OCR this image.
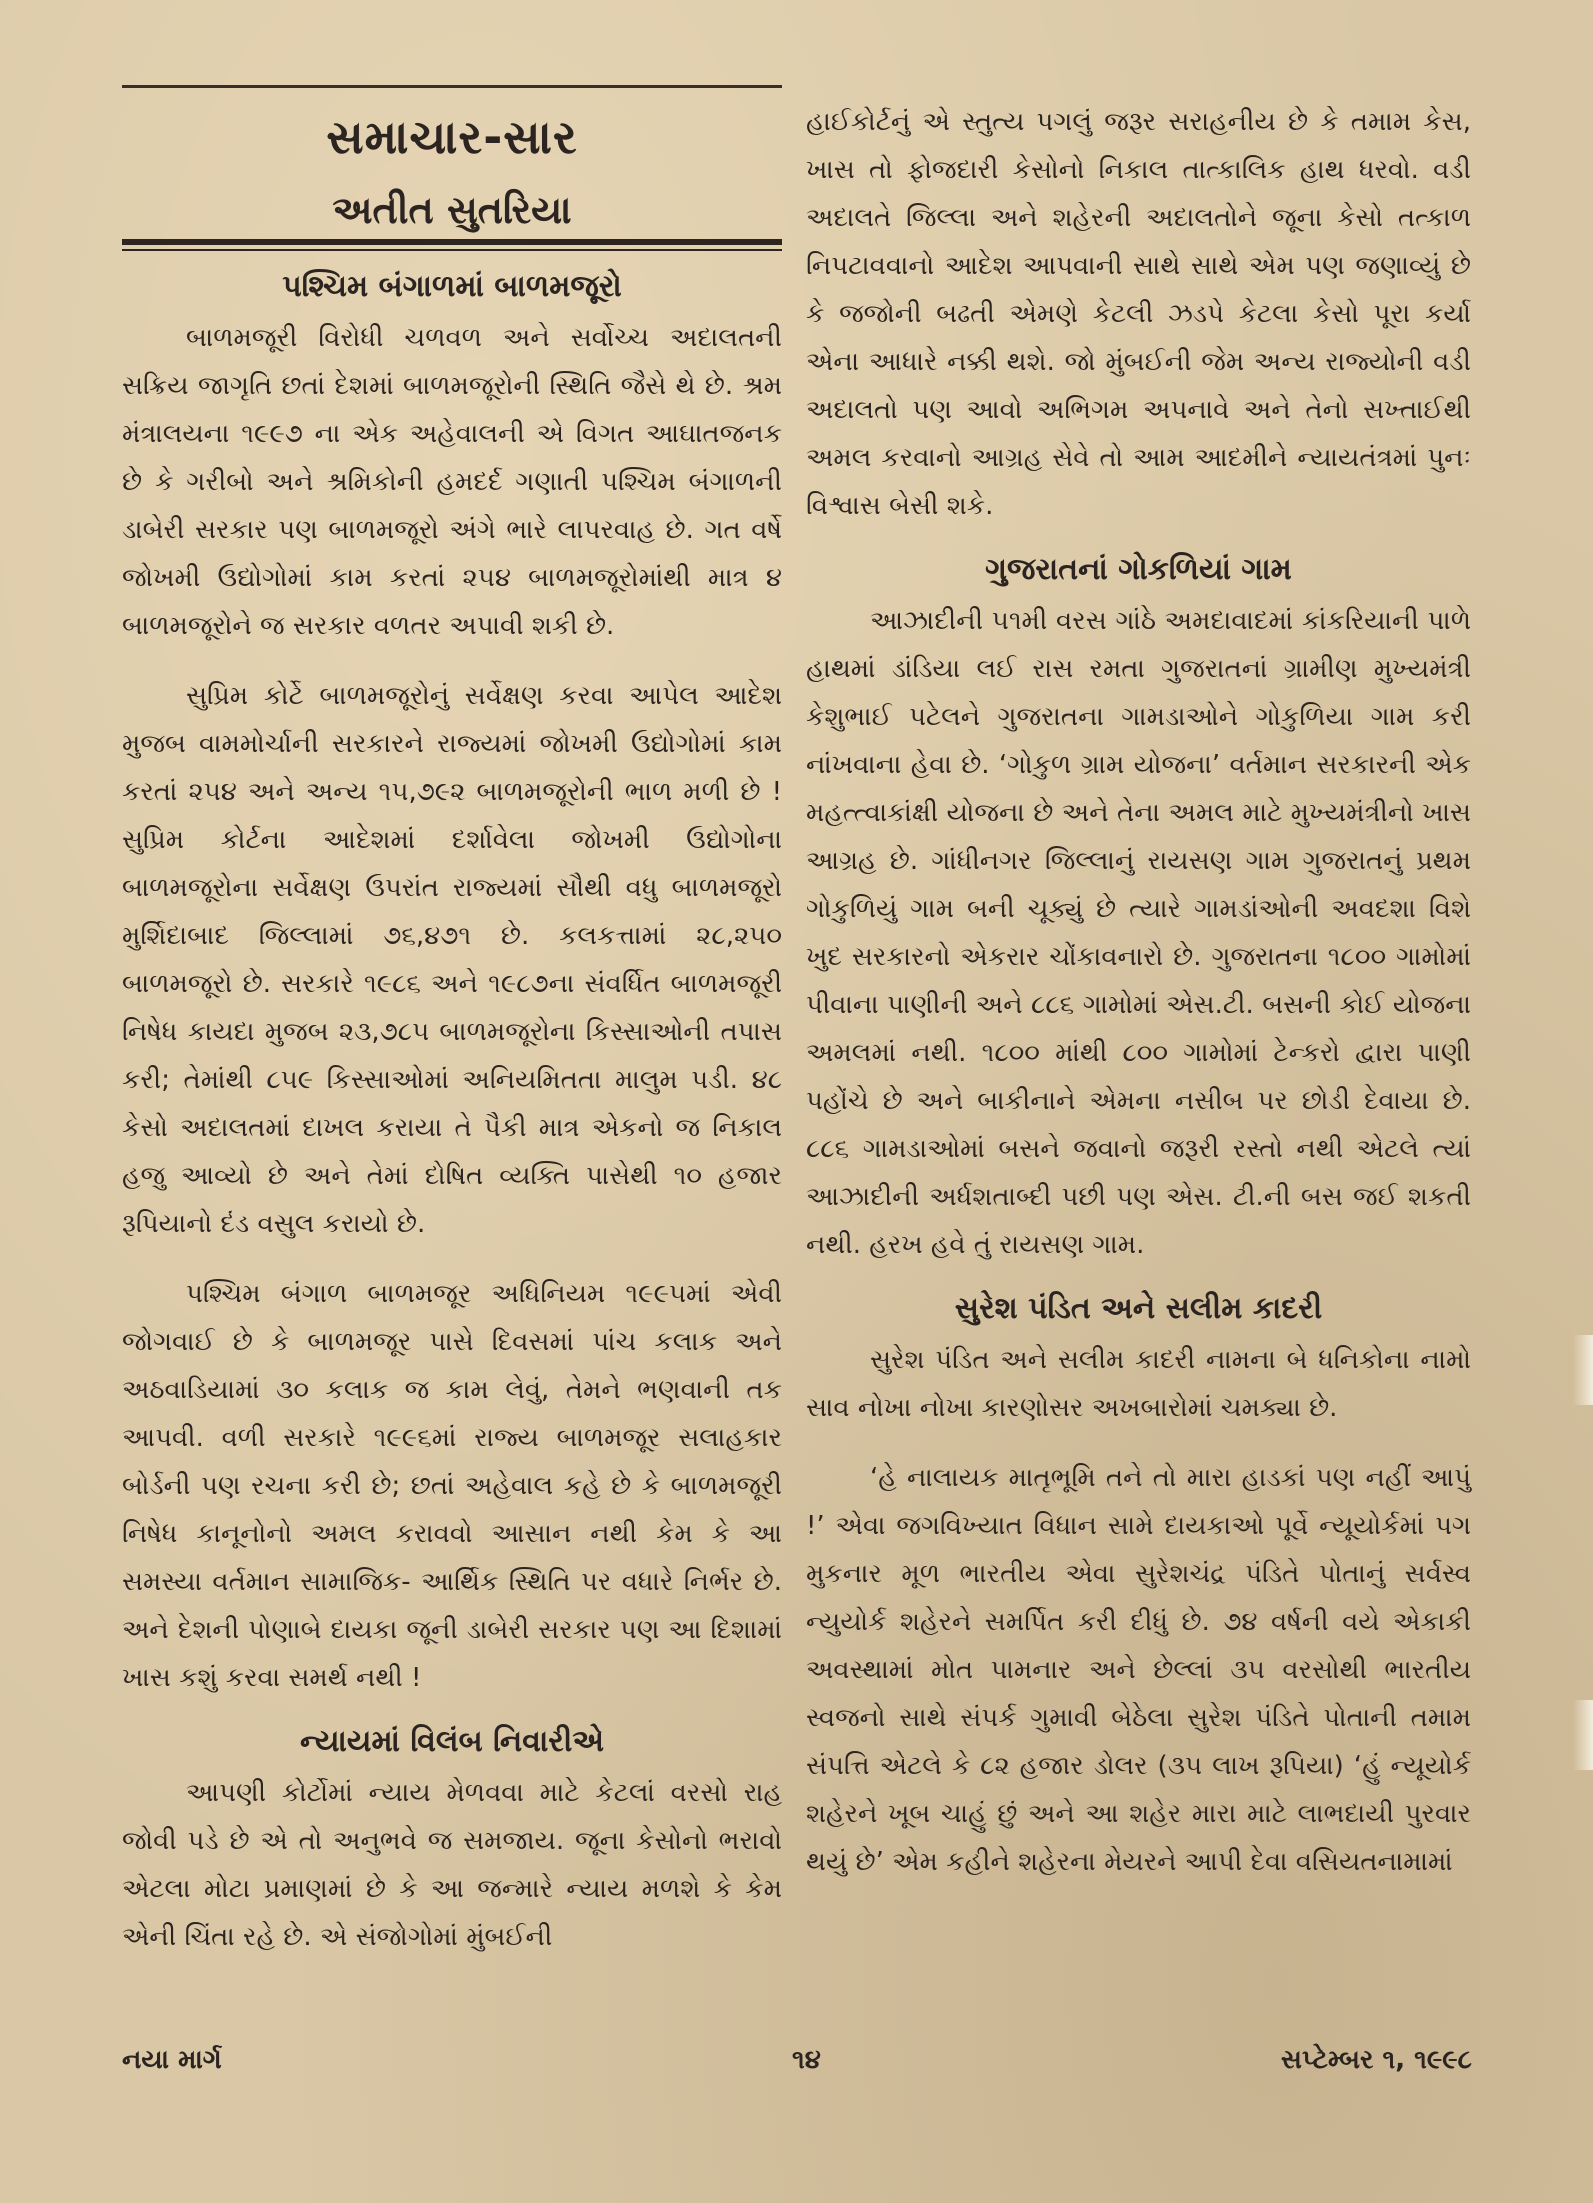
સમાચાર-સાર
અતીત સુતરિયા
પશ્ચિમ બંગાળમાં બાળમજૂરો

બાળમજૂરી વિરોધી ચળવળ અને સર્વોચ્ચ અદાલતની સક્રિય જાગૃતિ છતાં દેશમાં બાળમજૂરોની સ્થિતિ જૈસે થે છે. શ્રમ મંત્રાલયના ૧૯૯૭ ના એક અહેવાલની એ વિગત આઘાતજનક છે કે ગરીબો અને શ્રમિકોની હમદર્દ ગણાતી પશ્ચિમ બંગાળની ડાબેરી સરકાર પણ બાળમજૂરો અંગે ભારે લાપરવાહ છે. ગત વર્ષે જોખમી ઉદ્યોગોમાં કામ કરતાં ૨૫૪ બાળમજૂરોમાંથી માત્ર ૪ બાળમજૂરોને જ સરકાર વળતર અપાવી શકી છે.

સુપ્રિમ કોર્ટે બાળમજૂરોનું સર્વેક્ષણ કરવા આપેલ આદેશ મુજબ વામમોર્ચાની સરકારને રાજ્યમાં જોખમી ઉદ્યોગોમાં કામ કરતાં ૨૫૪ અને અન્ય ૧૫,૭૯૨ બાળમજૂરોની ભાળ મળી છે ! સુપ્રિમ કોર્ટના આદેશમાં દર્શાવેલા જોખમી ઉદ્યોગોના બાળમજૂરોના સર્વેક્ષણ ઉપરાંત રાજ્યમાં સૌથી વધુ બાળમજૂરો મુર્શિદાબાદ જિલ્લામાં ૭૬,૪૭૧ છે. કલકત્તામાં ૨૮,૨૫૦ બાળમજૂરો છે. સરકારે ૧૯૮૬ અને ૧૯૮૭ના સંવર્ધિત બાળમજૂરી નિષેધ કાયદા મુજબ ૨૩,૭૮૫ બાળમજૂરોના કિસ્સાઓની તપાસ કરી; તેમાંથી ૮૫૯ કિસ્સાઓમાં અનિયમિતતા માલુમ પડી. ૪૮ કેસો અદાલતમાં દાખલ કરાયા તે પૈકી માત્ર એકનો જ નિકાલ હજુ આવ્યો છે અને તેમાં દોષિત વ્યક્તિ પાસેથી ૧૦ હજાર રૂપિયાનો દંડ વસુલ કરાયો છે.

પશ્ચિમ બંગાળ બાળમજૂર અધિનિયમ ૧૯૯૫માં એવી જોગવાઈ છે કે બાળમજૂર પાસે દિવસમાં પાંચ કલાક અને અઠવાડિયામાં ૩૦ કલાક જ કામ લેવું, તેમને ભણવાની તક આપવી. વળી સરકારે ૧૯૯૬માં રાજ્ય બાળમજૂર સલાહકાર બોર્ડની પણ રચના કરી છે; છતાં અહેવાલ કહે છે કે બાળમજૂરી નિષેધ કાનૂનોનો અમલ કરાવવો આસાન નથી કેમ કે આ સમસ્યા વર્તમાન સામાજિક- આર્થિક સ્થિતિ પર વધારે નિર્ભર છે. અને દેશની પોણાબે દાયકા જૂની ડાબેરી સરકાર પણ આ દિશામાં ખાસ કશું કરવા સમર્થ નથી !

ન્યાયમાં વિલંબ નિવારીએ

આપણી કોર્ટોમાં ન્યાય મેળવવા માટે કેટલાં વરસો રાહ જોવી પડે છે એ તો અનુભવે જ સમજાય. જૂના કેસોનો ભરાવો એટલા મોટા પ્રમાણમાં છે કે આ જન્મારે ન્યાય મળશે કે કેમ એની ચિંતા રહે છે. એ સંજોગોમાં મુંબઈની

હાઈકોર્ટનું એ સ્તુત્ય પગલું જરૂર સરાહનીય છે કે તમામ કેસ, ખાસ તો ફોજદારી કેસોનો નિકાલ તાત્કાલિક હાથ ધરવો. વડી અદાલતે જિલ્લા અને શહેરની અદાલતોને જૂના કેસો તત્કાળ નિપટાવવાનો આદેશ આપવાની સાથે સાથે એમ પણ જણાવ્યું છે કે જજોની બઢતી એમણે કેટલી ઝડપે કેટલા કેસો પૂરા કર્યા એના આધારે નક્કી થશે. જો મુંબઈની જેમ અન્ય રાજ્યોની વડી અદાલતો પણ આવો અભિગમ અપનાવે અને તેનો સખ્તાઈથી અમલ કરવાનો આગ્રહ સેવે તો આમ આદમીને ન્યાયતંત્રમાં પુનઃ વિશ્વાસ બેસી શકે.

ગુજરાતનાં ગોકળિયાં ગામ

આઝાદીની ૫૧મી વરસ ગાંઠે અમદાવાદમાં કાંકરિયાની પાળે હાથમાં ડાંડિયા લઈ રાસ રમતા ગુજરાતનાં ગ્રામીણ મુખ્યમંત્રી કેશુભાઈ પટેલને ગુજરાતના ગામડાઓને ગોકુળિયા ગામ કરી નાંખવાના હેવા છે. ‘ગોકુળ ગ્રામ યોજના’ વર્તમાન સરકારની એક મહત્ત્વાકાંક્ષી યોજના છે અને તેના અમલ માટે મુખ્યમંત્રીનો ખાસ આગ્રહ છે. ગાંધીનગર જિલ્લાનું રાયસણ ગામ ગુજરાતનું પ્રથમ ગોકુળિયું ગામ બની ચૂક્યું છે ત્યારે ગામડાંઓની અવદશા વિશે ખુદ સરકારનો એકરાર ચોંકાવનારો છે. ગુજરાતના ૧૮૦૦ ગામોમાં પીવાના પાણીની અને ૮૮૬ ગામોમાં એસ.ટી. બસની કોઈ યોજના અમલમાં નથી. ૧૮૦૦ માંથી ૮૦૦ ગામોમાં ટેન્કરો દ્વારા પાણી પહોંચે છે અને બાકીનાને એમના નસીબ પર છોડી દેવાયા છે. ૮૮૬ ગામડાઓમાં બસને જવાનો જરૂરી રસ્તો નથી એટલે ત્યાં આઝાદીની અર્ધશતાબ્દી પછી પણ એસ. ટી.ની બસ જઈ શકતી નથી. હરખ હવે તું રાયસણ ગામ.

સુરેશ પંડિત અને સલીમ કાદરી

સુરેશ પંડિત અને સલીમ કાદરી નામના બે ધનિકોના નામો સાવ નોખા નોખા કારણોસર અખબારોમાં ચમક્યા છે.

‘હે નાલાયક માતૃભૂમિ તને તો મારા હાડકાં પણ નહીં આપું !’ એવા જગવિખ્યાત વિધાન સામે દાયકાઓ પૂર્વે ન્યૂયોર્કમાં પગ મુકનાર મૂળ ભારતીય એવા સુરેશચંદ્ર પંડિતે પોતાનું સર્વસ્વ ન્યુયોર્ક શહેરને સમર્પિત કરી દીધું છે. ૭૪ વર્ષની વયે એકાકી અવસ્થામાં મોત પામનાર અને છેલ્લાં ૩૫ વરસોથી ભારતીય સ્વજનો સાથે સંપર્ક ગુમાવી બેઠેલા સુરેશ પંડિતે પોતાની તમામ સંપત્તિ એટલે કે ૮૨ હજાર ડોલર (૩૫ લાખ રૂપિયા) ‘હું ન્યૂયોર્ક શહેરને ખૂબ ચાહું છું અને આ શહેર મારા માટે લાભદાયી પુરવાર થયું છે’ એમ કહીને શહેરના મેયરને આપી દેવા વસિયતનામામાં

નયા માર્ગ	૧૪	સપ્ટેમ્બર ૧, ૧૯૯૮
